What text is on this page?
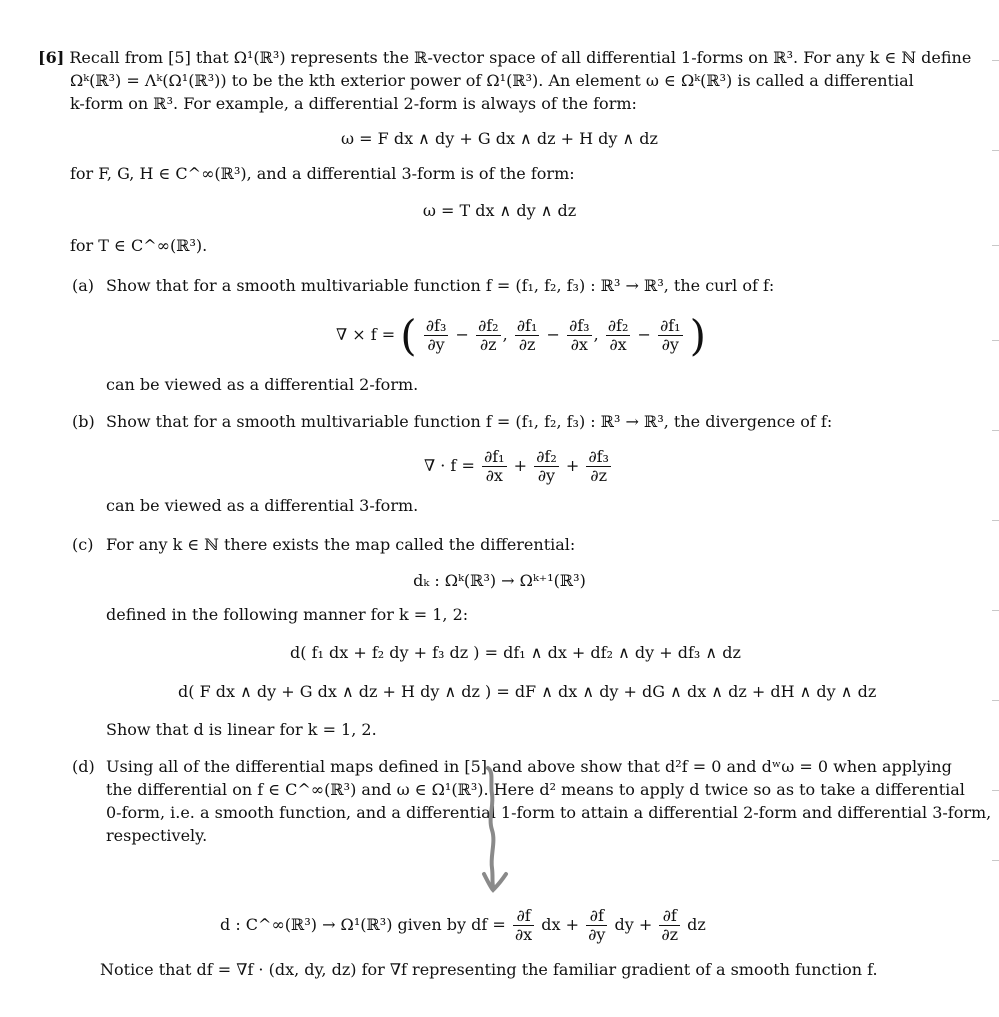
[6] Recall from [5] that Ω¹(ℝ³) represents the ℝ-vector space of all differential 1-forms on ℝ³. For any k ∈ ℕ define
Ωᵏ(ℝ³) = Λᵏ(Ω¹(ℝ³)) to be the kth exterior power of Ω¹(ℝ³). An element ω ∈ Ωᵏ(ℝ³) is called a differential
k-form on ℝ³. For example, a differential 2-form is always of the form:
ω = F dx ∧ dy + G dx ∧ dz + H dy ∧ dz
for F, G, H ∈ C^∞(ℝ³), and a differential 3-form is of the form:
ω = T dx ∧ dy ∧ dz
for T ∈ C^∞(ℝ³).
(a) Show that for a smooth multivariable function f = (f₁, f₂, f₃) : ℝ³ → ℝ³, the curl of f:
∇ × f = ( $\frac{\text{∂f₃}}{\partial y} - \frac{\text{∂f₂}}{\partial z}$ , $\frac{\text{∂f₁}}{\partial z} - \frac{\text{∂f₃}}{\partial x}$ , $\frac{\text{∂f₂}}{\partial x} - \frac{\text{∂f₁}}{\partial y}$ )
can be viewed as a differential 2-form.
(b) Show that for a smooth multivariable function f = (f₁, f₂, f₃) : ℝ³ → ℝ³, the divergence of f:
∇ · $f = \frac{\text{∂f₁}}{\partial x} + \frac{\text{∂f₂}}{\partial y} + \frac{\text{∂f₃}}{\partial z}$
can be viewed as a differential 3-form.
(c) For any k ∈ ℕ there exists the map called the differential:
dₖ : Ωᵏ(ℝ³) → Ωᵏ⁺¹(ℝ³)
defined in the following manner for k = 1, 2:
d( f₁ dx + f₂ dy + f₃ dz ) = df₁ ∧ dx + df₂ ∧ dy + df₃ ∧ dz
d( F dx ∧ dy + G dx ∧ dz + H dy ∧ dz ) = dF ∧ dx ∧ dy + dG ∧ dx ∧ dz + dH ∧ dy ∧ dz
Show that d is linear for k = 1, 2.
(d) Using all of the differential maps defined in [5] and above show that d²f = 0 and dʷω = 0 when applying
the differential on f ∈ C^∞(ℝ³) and ω ∈ Ω¹(ℝ³). Here d² means to apply d twice so as to take a differential
0-form, i.e. a smooth function, and a differential 1-form to attain a differential 2-form and differential 3-form,
respectively.
d : C^∞(ℝ³) → Ω¹(ℝ³) given by df = $\frac{\partial f}{\partial x}$ dx + $\frac{\partial f}{\partial y}$ dy + $\frac{\partial f}{\partial z}$ dz
Notice that df = ∇f · (dx, dy, dz) for ∇f representing the familiar gradient of a smooth function f.
